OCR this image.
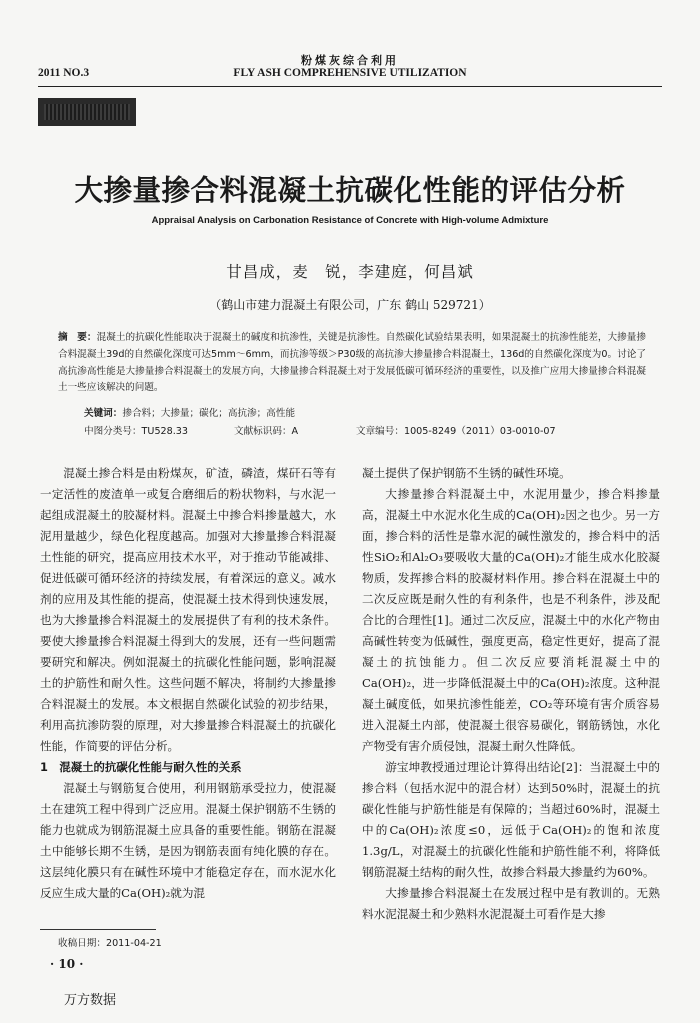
粉煤灰综合利用
2011 NO.3	FLY ASH COMPREHENSIVE UTILIZATION
大掺量掺合料混凝土抗碳化性能的评估分析
Appraisal Analysis on Carbonation Resistance of Concrete with High-volume Admixture
甘昌成，麦　锐，李建庭，何昌斌
（鹤山市建力混凝土有限公司，广东 鹤山 529721）
摘　要：混凝土的抗碳化性能取决于混凝土的碱度和抗渗性，关键是抗渗性。自然碳化试验结果表明，如果混凝土的抗渗性能差，大掺量掺合料混凝土39d的自然碳化深度可达5mm～6mm，而抗渗等级＞P30级的高抗渗大掺量掺合料混凝土，136d的自然碳化深度为0。讨论了高抗渗高性能是大掺量掺合料混凝土的发展方向，大掺量掺合料混凝土对于发展低碳可循环经济的重要性，以及推广应用大掺量掺合料混凝土一些应该解决的问题。
关键词：掺合料；大掺量；碳化；高抗渗；高性能
中图分类号：TU528.33	文献标识码：A	文章编号：1005-8249（2011）03-0010-07

混凝土掺合料是由粉煤灰，矿渣，磷渣，煤矸石等有一定活性的废渣单一或复合磨细后的粉状物料，与水泥一起组成混凝土的胶凝材料。混凝土中掺合料掺量越大，水泥用量越少，绿色化程度越高。加强对大掺量掺合料混凝土性能的研究，提高应用技术水平，对于推动节能减排、促进低碳可循环经济的持续发展，有着深远的意义。减水剂的应用及其性能的提高，使混凝土技术得到快速发展，也为大掺量掺合料混凝土的发展提供了有利的技术条件。要使大掺量掺合料混凝土得到大的发展，还有一些问题需要研究和解决。例如混凝土的抗碳化性能问题，影响混凝土的护筋性和耐久性。这些问题不解决，将制约大掺量掺合料混凝土的发展。本文根据自然碳化试验的初步结果，利用高抗渗防裂的原理，对大掺量掺合料混凝土的抗碳化性能，作简要的评估分析。

1　混凝土的抗碳化性能与耐久性的关系

混凝土与钢筋复合使用，利用钢筋承受拉力，使混凝土在建筑工程中得到广泛应用。混凝土保护钢筋不生锈的能力也就成为钢筋混凝土应具备的重要性能。钢筋在混凝土中能够长期不生锈，是因为钢筋表面有纯化膜的存在。这层纯化膜只有在碱性环境中才能稳定存在，而水泥水化反应生成大量的Ca(OH)₂就为混

凝土提供了保护钢筋不生锈的碱性环境。

大掺量掺合料混凝土中，水泥用量少，掺合料掺量高，混凝土中水泥水化生成的Ca(OH)₂因之也少。另一方面，掺合料的活性是靠水泥的碱性激发的，掺合料中的活性SiO₂和Al₂O₃要吸收大量的Ca(OH)₂才能生成水化胶凝物质，发挥掺合料的胶凝材料作用。掺合料在混凝土中的二次反应既是耐久性的有利条件，也是不利条件，涉及配合比的合理性[1]。通过二次反应，混凝土中的水化产物由高碱性转变为低碱性，强度更高，稳定性更好，提高了混凝土的抗蚀能力。但二次反应要消耗混凝土中的Ca(OH)₂，进一步降低混凝土中的Ca(OH)₂浓度。这种混凝土碱度低，如果抗渗性能差，CO₂等环境有害介质容易进入混凝土内部，使混凝土很容易碳化，钢筋锈蚀，水化产物受有害介质侵蚀，混凝土耐久性降低。

游宝坤教授通过理论计算得出结论[2]：当混凝土中的掺合料（包括水泥中的混合材）达到50%时，混凝土的抗碳化性能与护筋性能是有保障的；当超过60%时，混凝土中的Ca(OH)₂浓度≤0，远低于Ca(OH)₂的饱和浓度1.3g/L，对混凝土的抗碳化性能和护筋性能不利，将降低钢筋混凝土结构的耐久性，故掺合料最大掺量约为60%。

大掺量掺合料混凝土在发展过程中是有教训的。无熟料水泥混凝土和少熟料水泥混凝土可看作是大掺

收稿日期：2011-04-21
· 10 ·
万方数据
